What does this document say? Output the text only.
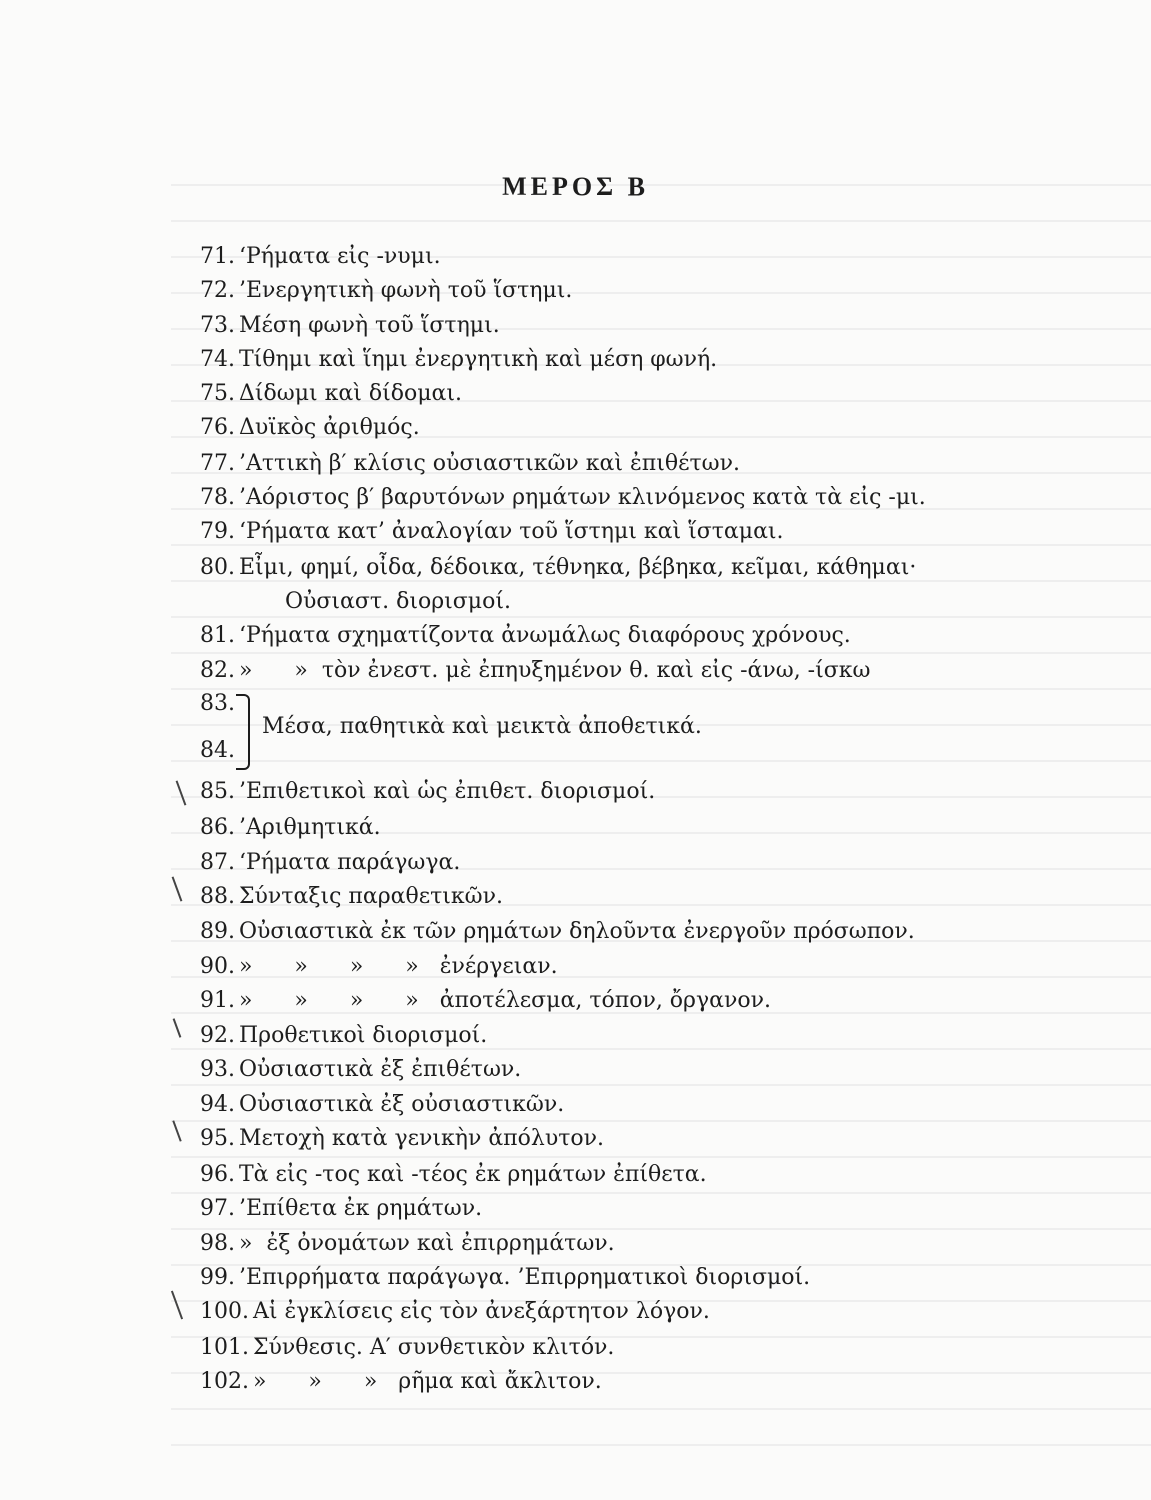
ΜΕΡΟΣ Β
71. ‘Ρήματα εἰς -νυμι.
72. ’Ενεργητικὴ φωνὴ τοῦ ἵστημι.
73. Μέση φωνὴ τοῦ ἵστημι.
74. Τίθημι καὶ ἵημι ἐνεργητικὴ καὶ μέση φωνή.
75. Δίδωμι καὶ δίδομαι.
76. Δυϊκὸς ἀριθμός.
77. ’Αττικὴ β′ κλίσις οὐσιαστικῶν καὶ ἐπιθέτων.
78. ’Αόριστος β′ βαρυτόνων ρημάτων κλινόμενος κατὰ τὰ εἰς -μι.
79. ‘Ρήματα κατ’ ἀναλογίαν τοῦ ἵστημι καὶ ἵσταμαι.
80. Εἶμι, φημί, οἶδα, δέδοικα, τέθνηκα, βέβηκα, κεῖμαι, κάθημαι·
Οὐσιαστ. διορισμοί.
81. ‘Ρήματα σχηματίζοντα ἀνωμάλως διαφόρους χρόνους.
82. »      »  τὸν ἐνεστ. μὲ ἐπηυξημένον θ. καὶ εἰς -άνω, -ίσκω
83.
Μέσα, παθητικὰ καὶ μεικτὰ ἀποθετικά.
84.
85. ’Επιθετικοὶ καὶ ὡς ἐπιθετ. διορισμοί.
86. ’Αριθμητικά.
87. ‘Ρήματα παράγωγα.
88. Σύνταξις παραθετικῶν.
89. Οὐσιαστικὰ ἐκ τῶν ρημάτων δηλοῦντα ἐνεργοῦν πρόσωπον.
90. »      »      »      »   ἐνέργειαν.
91. »      »      »      »   ἀποτέλεσμα, τόπον, ὄργανον.
92. Προθετικοὶ διορισμοί.
93. Οὐσιαστικὰ ἐξ ἐπιθέτων.
94. Οὐσιαστικὰ ἐξ οὐσιαστικῶν.
95. Μετοχὴ κατὰ γενικὴν ἀπόλυτον.
96. Τὰ εἰς -τος καὶ -τέος ἐκ ρημάτων ἐπίθετα.
97. ’Επίθετα ἐκ ρημάτων.
98. »  ἐξ ὀνομάτων καὶ ἐπιρρημάτων.
99. ’Επιρρήματα παράγωγα. ’Επιρρηματικοὶ διορισμοί.
100. Αἱ ἐγκλίσεις εἰς τὸν ἀνεξάρτητον λόγον.
101. Σύνθεσις. Α′ συνθετικὸν κλιτόν.
102. »      »      »   ρῆμα καὶ ἄκλιτον.
